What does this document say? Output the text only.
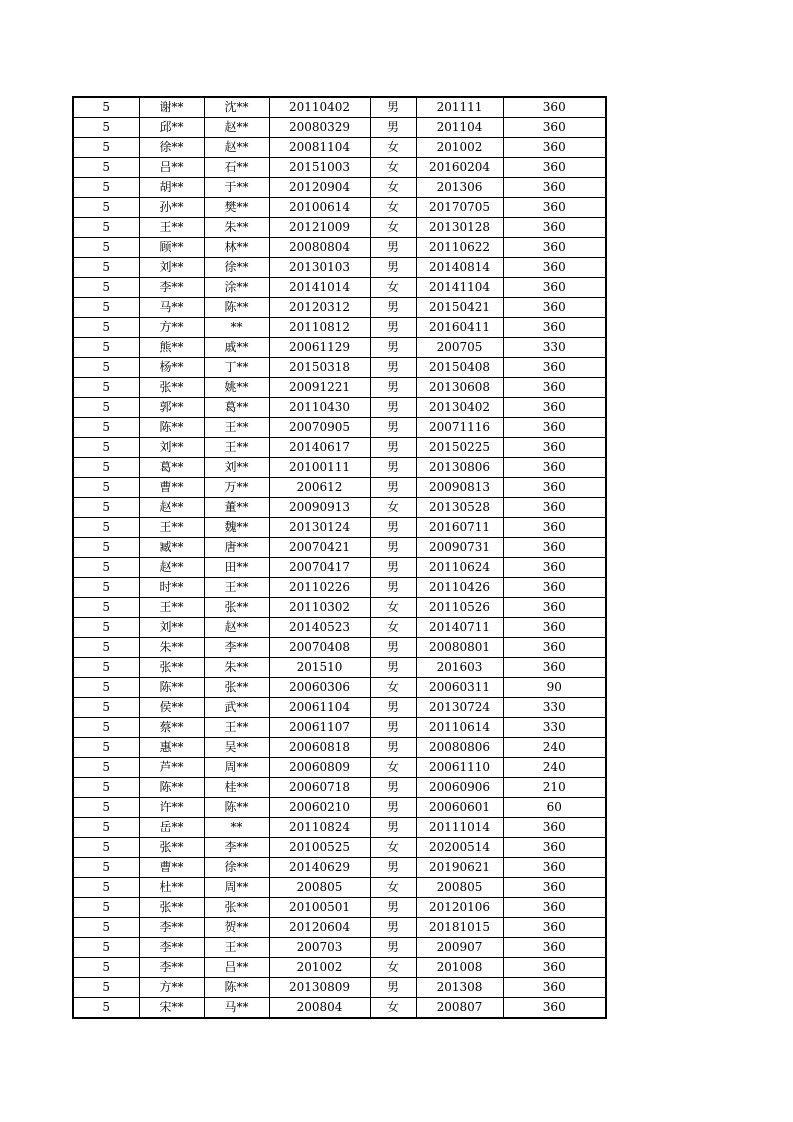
5	谢**	沈**	20110402	男	201111	360
5	邱**	赵**	20080329	男	201104	360
5	徐**	赵**	20081104	女	201002	360
5	吕**	石**	20151003	女	20160204	360
5	胡**	于**	20120904	女	201306	360
5	孙**	樊**	20100614	女	20170705	360
5	王**	朱**	20121009	女	20130128	360
5	顾**	林**	20080804	男	20110622	360
5	刘**	徐**	20130103	男	20140814	360
5	李**	涂**	20141014	女	20141104	360
5	马**	陈**	20120312	男	20150421	360
5	方**	**	20110812	男	20160411	360
5	熊**	戚**	20061129	男	200705	330
5	杨**	丁**	20150318	男	20150408	360
5	张**	姚**	20091221	男	20130608	360
5	郭**	葛**	20110430	男	20130402	360
5	陈**	王**	20070905	男	20071116	360
5	刘**	王**	20140617	男	20150225	360
5	葛**	刘**	20100111	男	20130806	360
5	曹**	万**	200612	男	20090813	360
5	赵**	董**	20090913	女	20130528	360
5	王**	魏**	20130124	男	20160711	360
5	臧**	唐**	20070421	男	20090731	360
5	赵**	田**	20070417	男	20110624	360
5	时**	王**	20110226	男	20110426	360
5	王**	张**	20110302	女	20110526	360
5	刘**	赵**	20140523	女	20140711	360
5	朱**	李**	20070408	男	20080801	360
5	张**	朱**	201510	男	201603	360
5	陈**	张**	20060306	女	20060311	90
5	侯**	武**	20061104	男	20130724	330
5	蔡**	王**	20061107	男	20110614	330
5	惠**	吴**	20060818	男	20080806	240
5	芦**	周**	20060809	女	20061110	240
5	陈**	桂**	20060718	男	20060906	210
5	许**	陈**	20060210	男	20060601	60
5	岳**	**	20110824	男	20111014	360
5	张**	李**	20100525	女	20200514	360
5	曹**	徐**	20140629	男	20190621	360
5	杜**	周**	200805	女	200805	360
5	张**	张**	20100501	男	20120106	360
5	李**	贺**	20120604	男	20181015	360
5	李**	王**	200703	男	200907	360
5	李**	吕**	201002	女	201008	360
5	方**	陈**	20130809	男	201308	360
5	宋**	马**	200804	女	200807	360
